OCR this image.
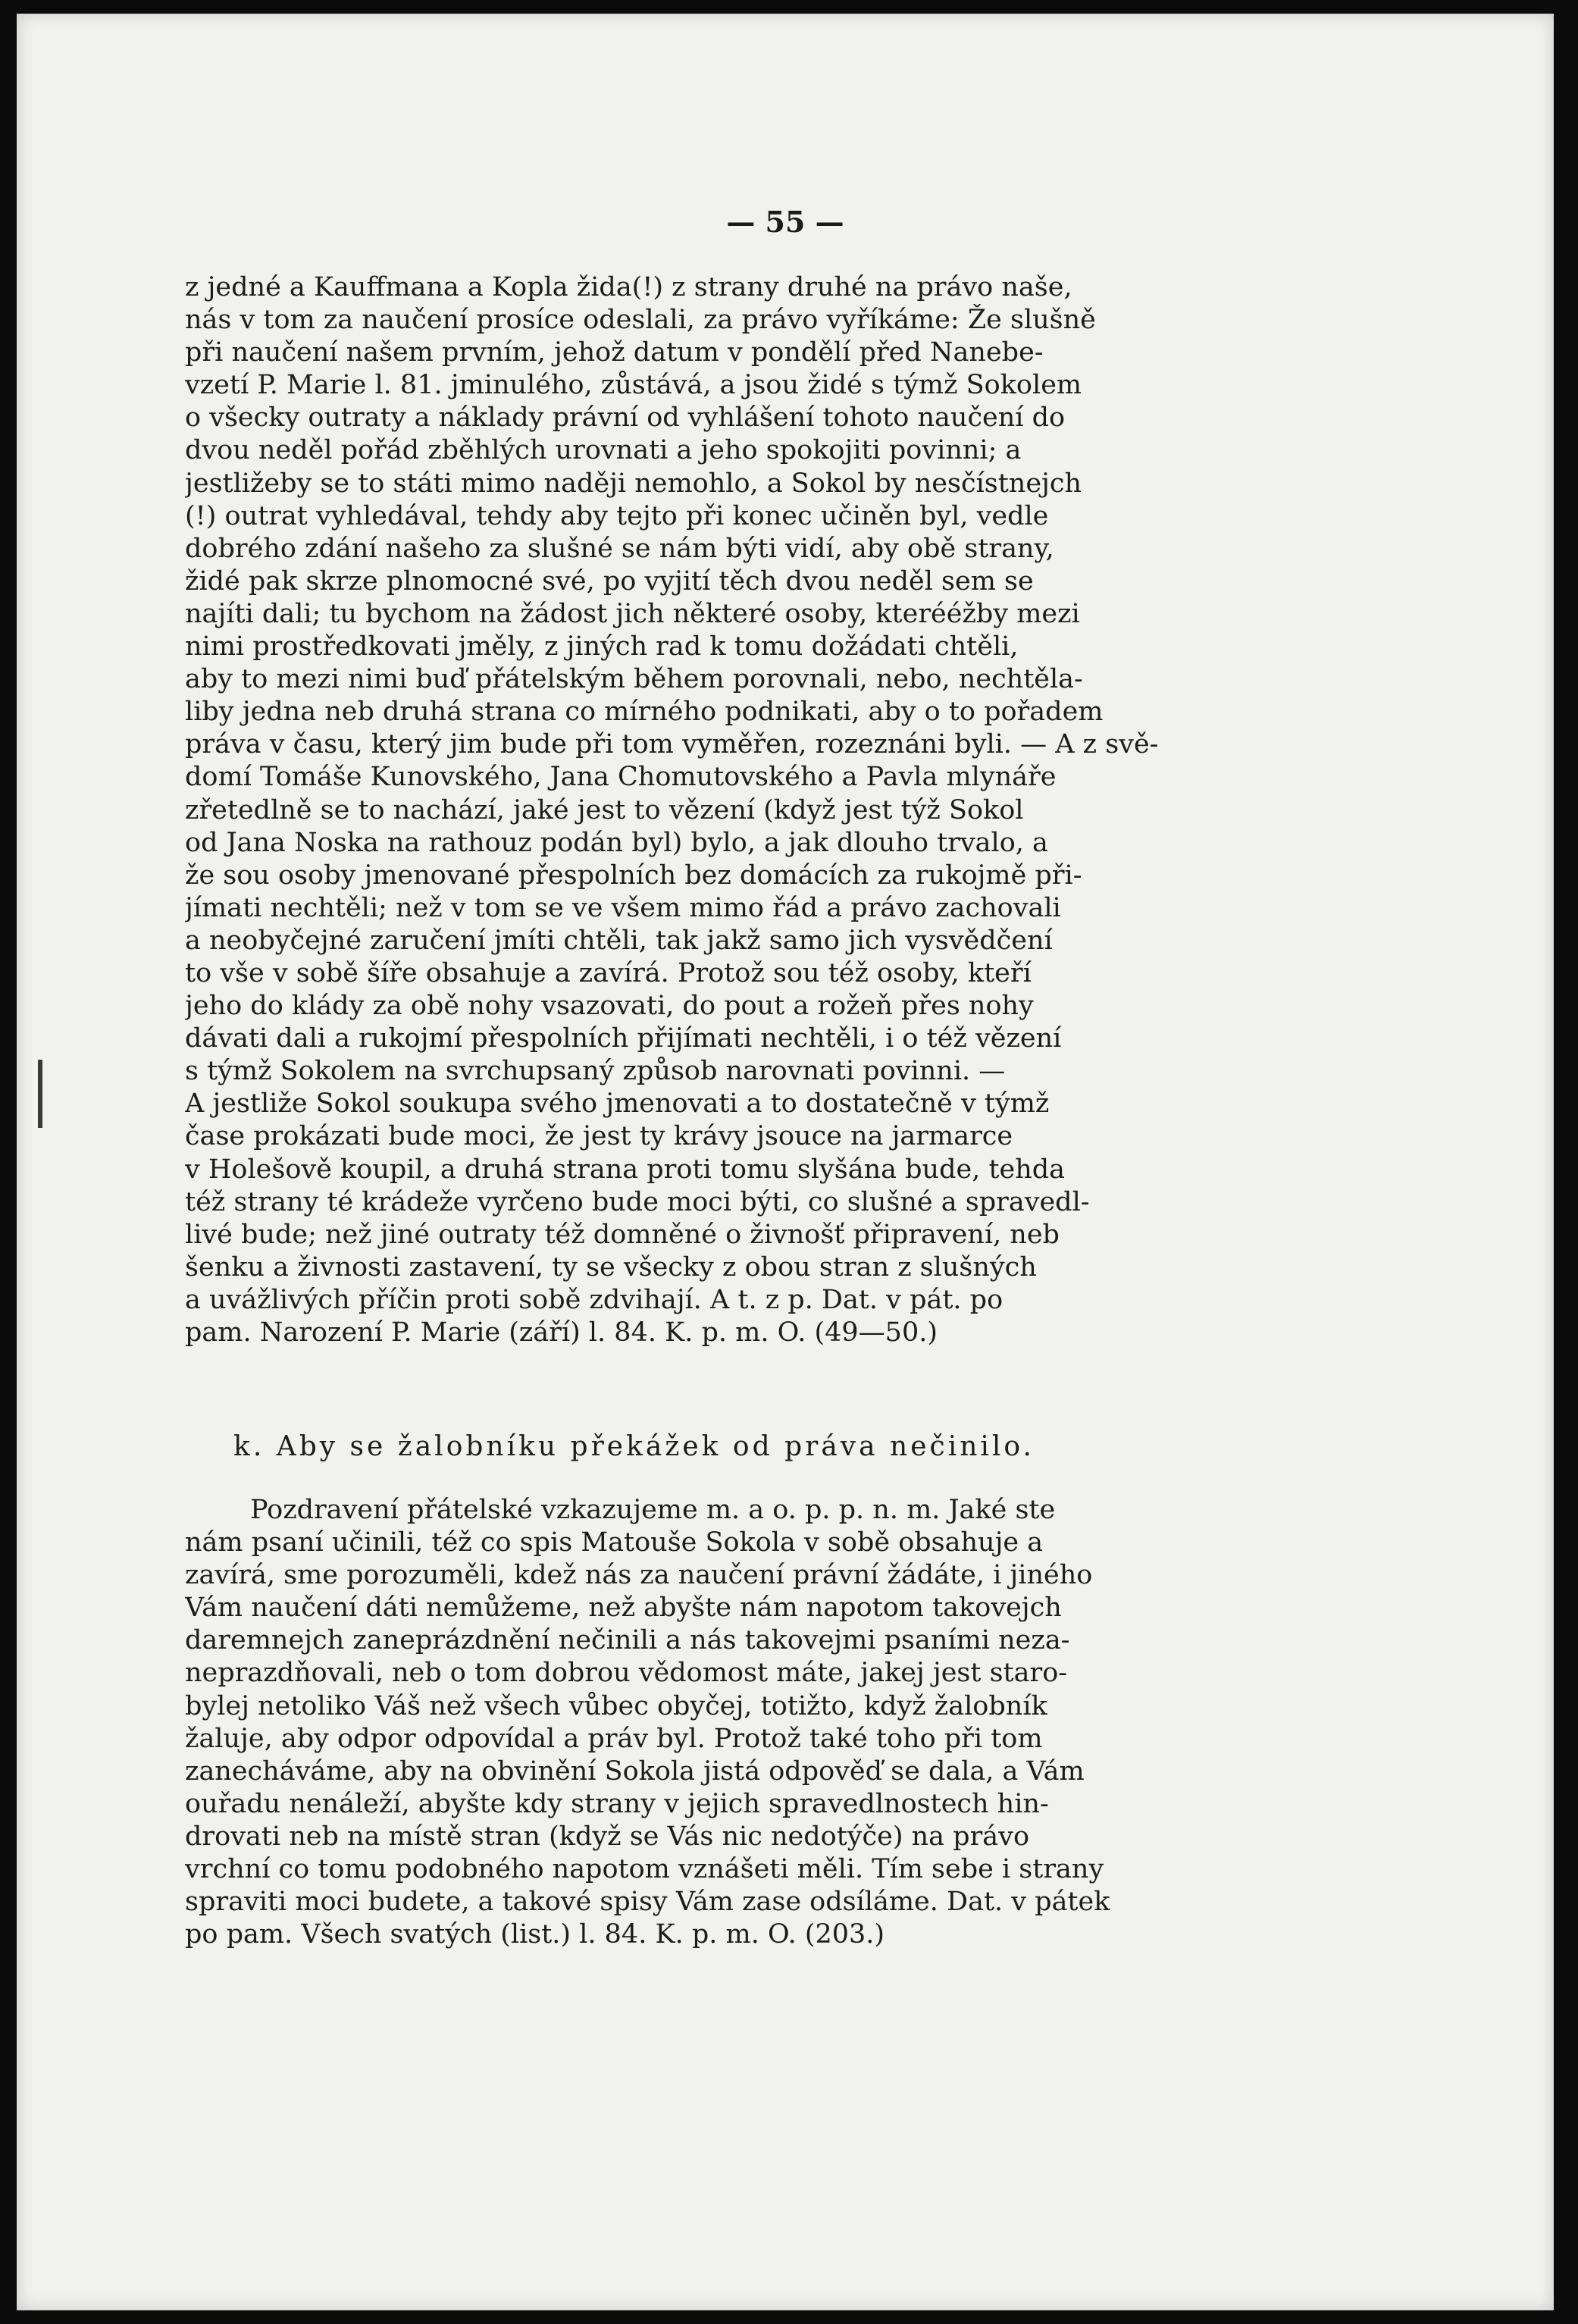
— 55 —
z jedné a Kauffmana a Kopla žida(!) z strany druhé na právo naše,
nás v tom za naučení prosíce odeslali, za právo vyříkáme: Že slušně
při naučení našem prvním, jehož datum v pondělí před Nanebe-
vzetí P. Marie l. 81. jminulého, zůstává, a jsou židé s týmž Sokolem
o všecky outraty a náklady právní od vyhlášení tohoto naučení do
dvou neděl pořád zběhlých urovnati a jeho spokojiti povinni; a
jestližeby se to státi mimo naději nemohlo, a Sokol by nesčístnejch
(!) outrat vyhledával, tehdy aby tejto při konec učiněn byl, vedle
dobrého zdání našeho za slušné se nám býti vidí, aby obě strany,
židé pak skrze plnomocné své, po vyjití těch dvou neděl sem se
najíti dali; tu bychom na žádost jich některé osoby, kterééžby mezi
nimi prostředkovati jměly, z jiných rad k tomu dožádati chtěli,
aby to mezi nimi buď přátelským během porovnali, nebo, nechtěla-
liby jedna neb druhá strana co mírného podnikati, aby o to pořadem
práva v času, který jim bude při tom vyměřen, rozeznáni byli. — A z svě-
domí Tomáše Kunovského, Jana Chomutovského a Pavla mlynáře
zřetedlně se to nachází, jaké jest to vězení (když jest týž Sokol
od Jana Noska na rathouz podán byl) bylo, a jak dlouho trvalo, a
že sou osoby jmenované přespolních bez domácích za rukojmě při-
jímati nechtěli; než v tom se ve všem mimo řád a právo zachovali
a neobyčejné zaručení jmíti chtěli, tak jakž samo jich vysvědčení
to vše v sobě šíře obsahuje a zavírá. Protož sou též osoby, kteří
jeho do klády za obě nohy vsazovati, do pout a rožeň přes nohy
dávati dali a rukojmí přespolních přijímati nechtěli, i o též vězení
s týmž Sokolem na svrchupsaný způsob narovnati povinni. —
A jestliže Sokol soukupa svého jmenovati a to dostatečně v týmž
čase prokázati bude moci, že jest ty krávy jsouce na jarmarce
v Holešově koupil, a druhá strana proti tomu slyšána bude, tehda
též strany té krádeže vyrčeno bude moci býti, co slušné a spravedl-
livé bude; než jiné outraty též domněné o živnošť připravení, neb
šenku a živnosti zastavení, ty se všecky z obou stran z slušných
a uvážlivých příčin proti sobě zdvihají. A t. z p. Dat. v pát. po
pam. Narození P. Marie (září) l. 84. K. p. m. O. (49—50.)
k. Aby se žalobníku překážek od práva nečinilo.
Pozdravení přátelské vzkazujeme m. a o. p. p. n. m. Jaké ste
nám psaní učinili, též co spis Matouše Sokola v sobě obsahuje a
zavírá, sme porozuměli, kdež nás za naučení právní žádáte, i jiného
Vám naučení dáti nemůžeme, než abyšte nám napotom takovejch
daremnejch zaneprázdnění nečinili a nás takovejmi psaními neza-
neprazdňovali, neb o tom dobrou vědomost máte, jakej jest staro-
bylej netoliko Váš než všech vůbec obyčej, totižto, když žalobník
žaluje, aby odpor odpovídal a práv byl. Protož také toho při tom
zanecháváme, aby na obvinění Sokola jistá odpověď se dala, a Vám
ouřadu nenáleží, abyšte kdy strany v jejich spravedlnostech hin-
drovati neb na místě stran (když se Vás nic nedotýče) na právo
vrchní co tomu podobného napotom vznášeti měli. Tím sebe i strany
spraviti moci budete, a takové spisy Vám zase odsíláme. Dat. v pátek
po pam. Všech svatých (list.) l. 84. K. p. m. O. (203.)
